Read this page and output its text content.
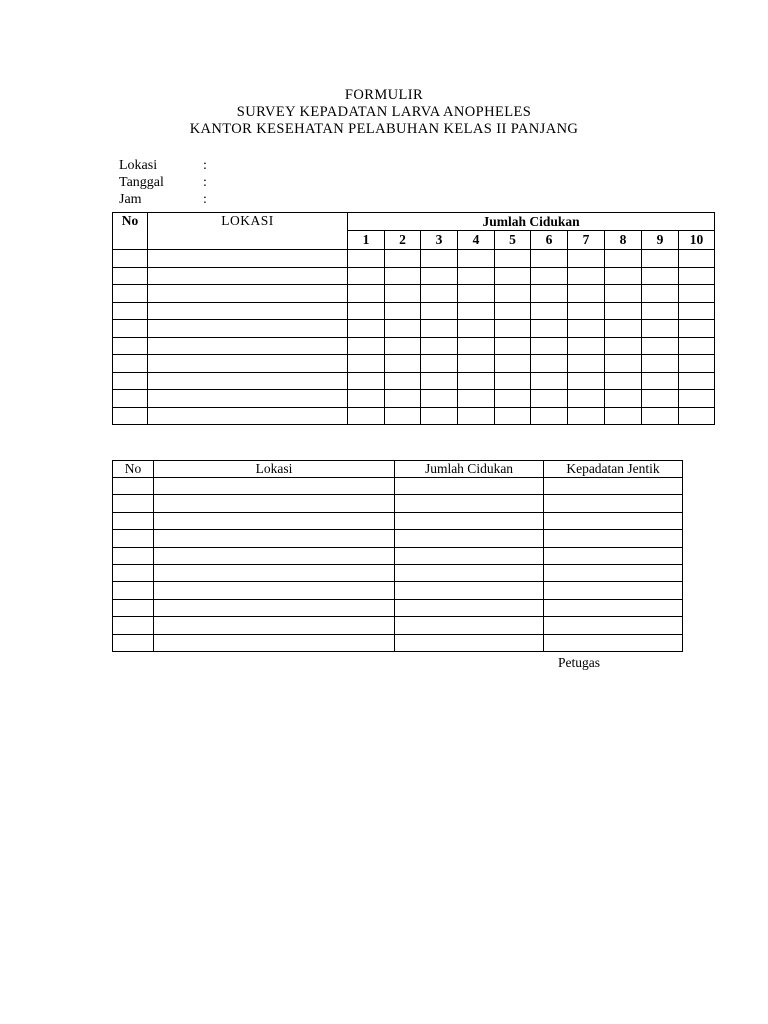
FORMULIR
SURVEY KEPADATAN LARVA ANOPHELES
KANTOR KESEHATAN PELABUHAN KELAS II PANJANG
Lokasi	:
Tanggal	:
Jam	:
No	LOKASI	Jumlah Cidukan									
		1	2	3	4	5	6	7	8	9	10

No	Lokasi	Jumlah Cidukan	Kepadatan Jentik

Petugas
